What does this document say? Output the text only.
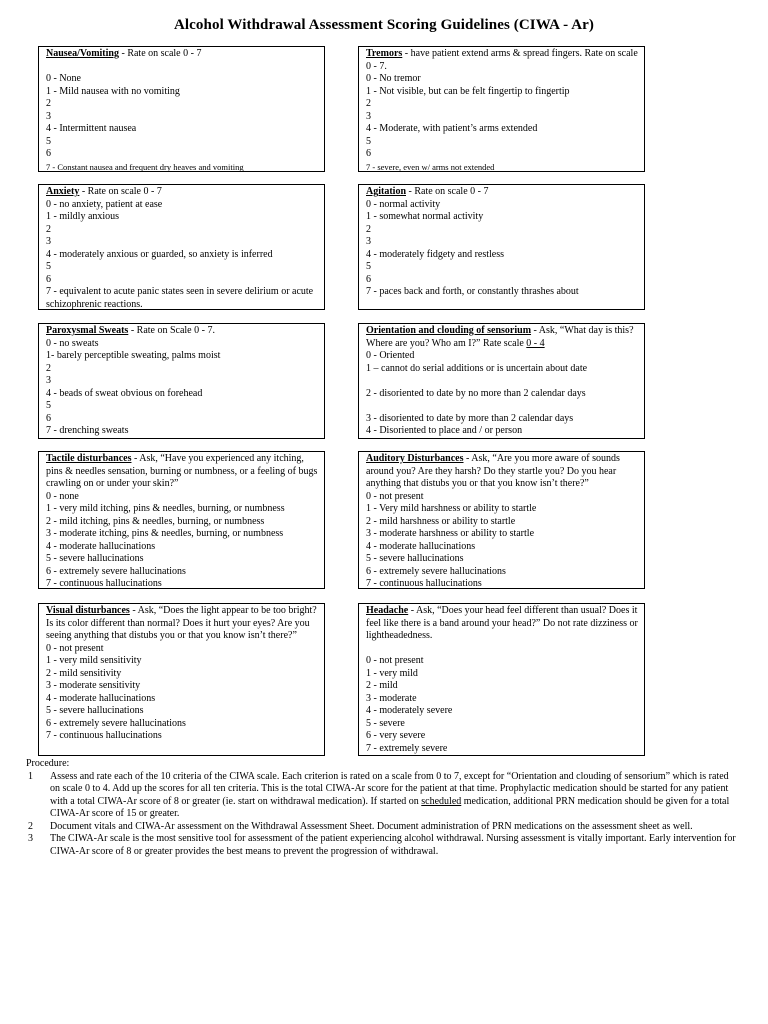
Alcohol Withdrawal Assessment Scoring Guidelines (CIWA - Ar)
Nausea/Vomiting - Rate on scale 0 - 7

0 - None
1 - Mild nausea with no vomiting
2
3
4 - Intermittent nausea
5
6
7 - Constant nausea and frequent dry heaves and vomiting
Tremors - have patient extend arms & spread fingers. Rate on scale 0 - 7.
0 - No tremor
1 - Not visible, but can be felt fingertip to fingertip
2
3
4 - Moderate, with patient’s arms extended
5
6
7 - severe, even w/ arms not extended
Anxiety - Rate on scale 0 - 7
0 - no anxiety, patient at ease
1 - mildly anxious
2
3
4 - moderately anxious or guarded, so anxiety is inferred
5
6
7 - equivalent to acute panic states seen in severe delirium or acute schizophrenic reactions.
Agitation - Rate on scale 0 - 7
0 - normal activity
1 - somewhat normal activity
2
3
4 - moderately fidgety and restless
5
6
7 - paces back and forth, or constantly thrashes about
Paroxysmal Sweats - Rate on Scale 0 - 7.
0 - no sweats
1- barely perceptible sweating, palms moist
2
3
4 - beads of sweat obvious on forehead
5
6
7 - drenching sweats
Orientation and clouding of sensorium - Ask, “What day is this? Where are you? Who am I?” Rate scale 0 - 4
0 - Oriented
1 – cannot do serial additions or is uncertain about date

2 - disoriented to date by no more than 2 calendar days

3 - disoriented to date by more than 2 calendar days
4 - Disoriented to place and / or person
Tactile disturbances - Ask, “Have you experienced any itching, pins & needles sensation, burning or numbness, or a feeling of bugs crawling on or under your skin?”
0 - none
1 - very mild itching, pins & needles, burning, or numbness
2 - mild itching, pins & needles, burning, or numbness
3 - moderate itching, pins & needles, burning, or numbness
4 - moderate hallucinations
5 - severe hallucinations
6 - extremely severe hallucinations
7 - continuous hallucinations
Auditory Disturbances - Ask, “Are you more aware of sounds around you? Are they harsh? Do they startle you? Do you hear anything that distubs you or that you know isn’t there?”
0 - not present
1 - Very mild harshness or ability to startle
2 - mild harshness or ability to startle
3 - moderate harshness or ability to startle
4 - moderate hallucinations
5 - severe hallucinations
6 - extremely severe hallucinations
7 - continuous hallucinations
Visual disturbances - Ask, “Does the light appear to be too bright? Is its color different than normal? Does it hurt your eyes? Are you seeing anything that distubs you or that you know isn’t there?”
0 - not present
1 - very mild sensitivity
2 - mild sensitivity
3 - moderate sensitivity
4 - moderate hallucinations
5 - severe hallucinations
6 - extremely severe hallucinations
7 - continuous hallucinations
Headache - Ask, “Does your head feel different than usual? Does it feel like there is a band around your head?” Do not rate dizziness or lightheadedness.

0 - not present
1 - very mild
2 - mild
3 - moderate
4 - moderately severe
5 - severe
6 - very severe
7 - extremely severe
Procedure:
1 Assess and rate each of the 10 criteria of the CIWA scale. Each criterion is rated on a scale from 0 to 7, except for “Orientation and clouding of sensorium” which is rated on scale 0 to 4. Add up the scores for all ten criteria. This is the total CIWA-Ar score for the patient at that time. Prophylactic medication should be started for any patient with a total CIWA-Ar score of 8 or greater (ie. start on withdrawal medication). If started on scheduled medication, additional PRN medication should be given for a total CIWA-Ar score of 15 or greater.
2 Document vitals and CIWA-Ar assessment on the Withdrawal Assessment Sheet. Document administration of PRN medications on the assessment sheet as well.
3 The CIWA-Ar scale is the most sensitive tool for assessment of the patient experiencing alcohol withdrawal. Nursing assessment is vitally important. Early intervention for CIWA-Ar score of 8 or greater provides the best means to prevent the progression of withdrawal.
